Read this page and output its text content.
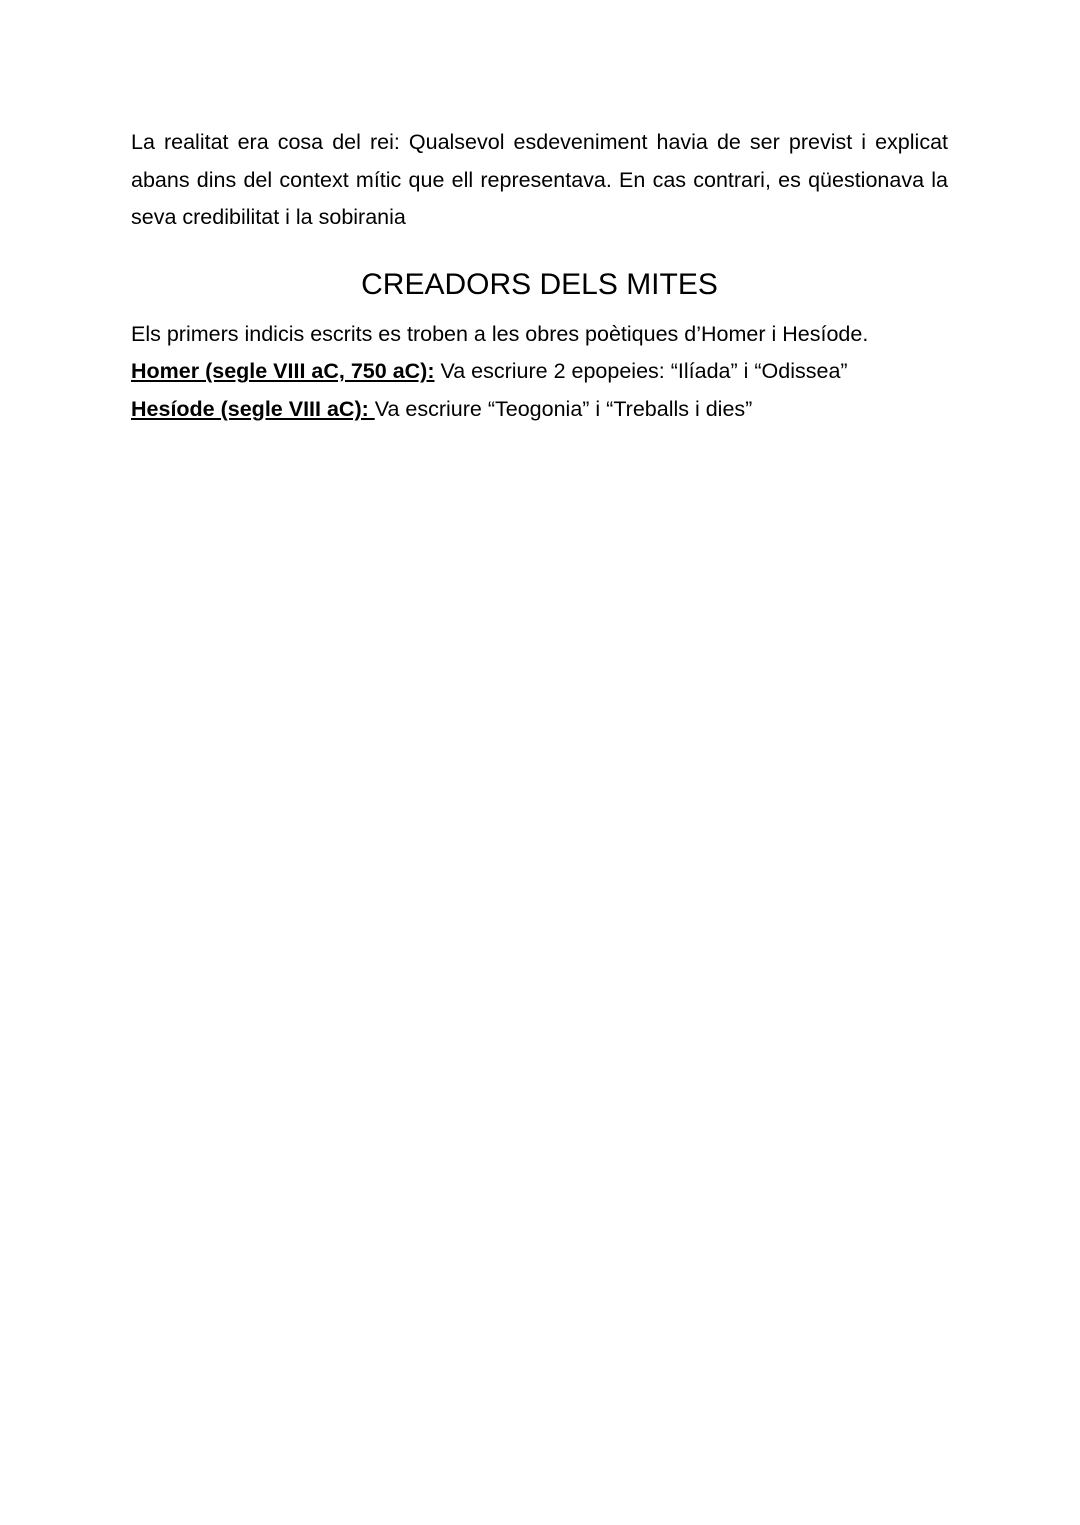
La realitat era cosa del rei: Qualsevol esdeveniment havia de ser previst i explicat abans dins del context mític que ell representava. En cas contrari, es qüestionava la seva credibilitat i la sobirania

CREADORS DELS MITES

Els primers indicis escrits es troben a les obres poètiques d’Homer i Hesíode.

Homer (segle VIII aC, 750 aC): Va escriure 2 epopeies: “Ilíada” i “Odissea”

Hesíode (segle VIII aC): Va escriure “Teogonia” i “Treballs i dies”
